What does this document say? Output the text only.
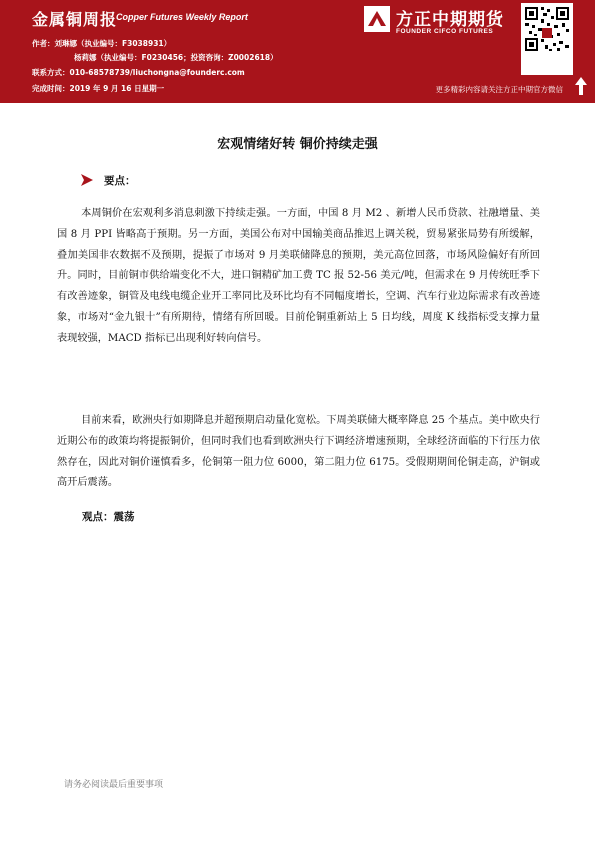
金属铜周报
Copper Futures Weekly Report
作者：刘琳娜（执业编号：F3038931）
杨莉娜（执业编号：F0230456；投资咨询：Z0002618）
联系方式：010-68578739/liuchongna@founderc.com
完成时间：2019 年 9 月 16 日星期一
方正中期期货
FOUNDER CIFCO FUTURES
更多精彩内容请关注方正中期官方微信
宏观情绪好转 铜价持续走强
要点：

本周铜价在宏观利多消息刺激下持续走强。一方面，中国 8 月 M2 、新增人民币贷款、社融增量、美国 8 月 PPI 皆略高于预期。另一方面，美国公布对中国输美商品推迟上调关税，贸易紧张局势有所缓解，叠加美国非农数据不及预期，提振了市场对 9 月美联储降息的预期，美元高位回落，市场风险偏好有所回升。同时，目前铜市供给端变化不大，进口铜精矿加工费 TC 报 52-56 美元/吨，但需求在 9 月传统旺季下有改善迹象，铜管及电线电缆企业开工率同比及环比均有不同幅度增长，空调、汽车行业边际需求有改善迹象，市场对“金九银十”有所期待，情绪有所回暖。目前伦铜重新站上 5 日均线，周度 K 线指标受支撑力量表现较强，MACD 指标已出现利好转向信号。

目前来看，欧洲央行如期降息并超预期启动量化宽松。下周美联储大概率降息 25 个基点。美中欧央行近期公布的政策均将提振铜价，但同时我们也看到欧洲央行下调经济增速预期，全球经济面临的下行压力依然存在，因此对铜价谨慎看多，伦铜第一阻力位 6000，第二阻力位 6175。受假期期间伦铜走高，沪铜或高开后震荡。

观点：震荡
请务必阅读最后重要事项
